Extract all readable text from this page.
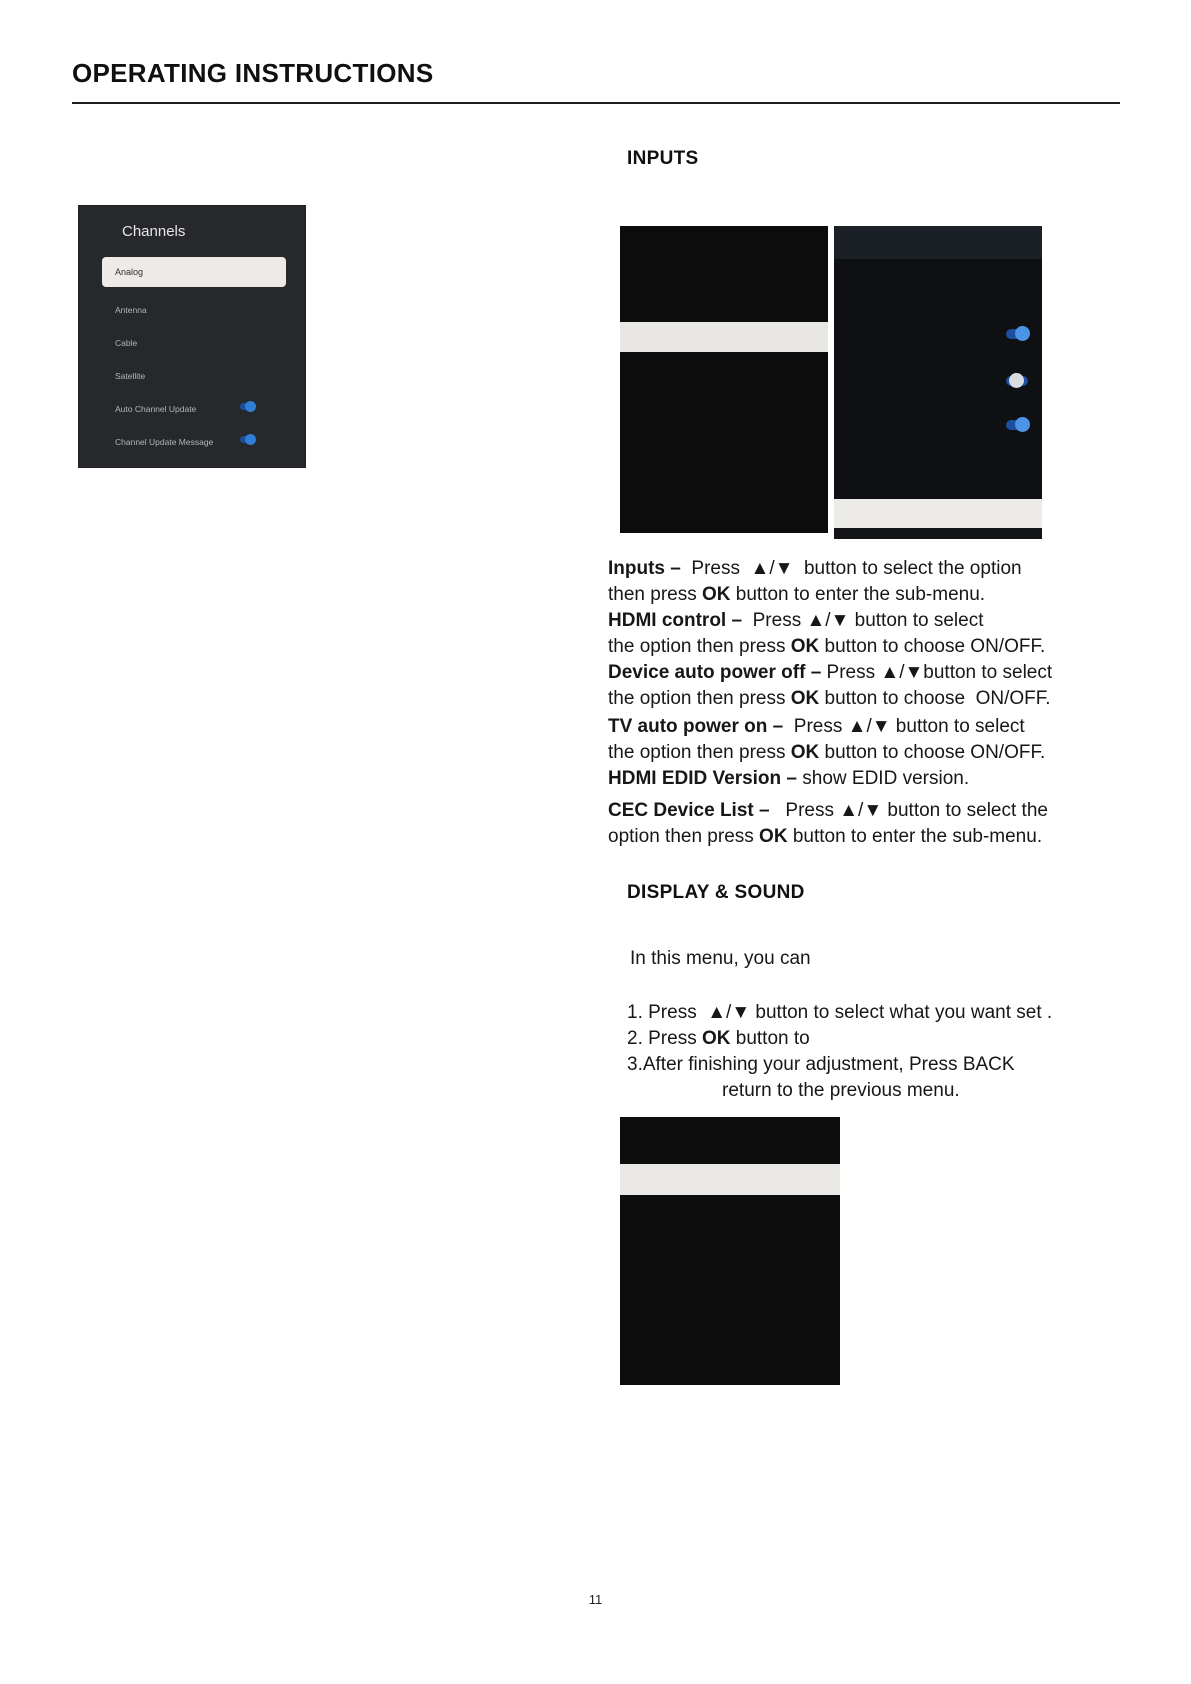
OPERATING INSTRUCTIONS
Channels
Analog
Antenna
Cable
Satellite
Auto Channel Update
Channel Update Message
INPUTS
Inputs –  Press  ▲/▼  button to select the option
then press OK button to enter the sub-menu.
HDMI control –  Press ▲/▼ button to select
the option then press OK button to choose ON/OFF.
Device auto power off – Press ▲/▼button to select
the option then press OK button to choose  ON/OFF.
TV auto power on –  Press ▲/▼ button to select
the option then press OK button to choose ON/OFF.
HDMI EDID Version – show EDID version.
CEC Device List –   Press ▲/▼ button to select the
option then press OK button to enter the sub-menu.
DISPLAY & SOUND
In this menu, you can
1. Press  ▲/▼ button to select what you want set .
2. Press OK button to
3.After finishing your adjustment, Press BACK
return to the previous menu.
11
